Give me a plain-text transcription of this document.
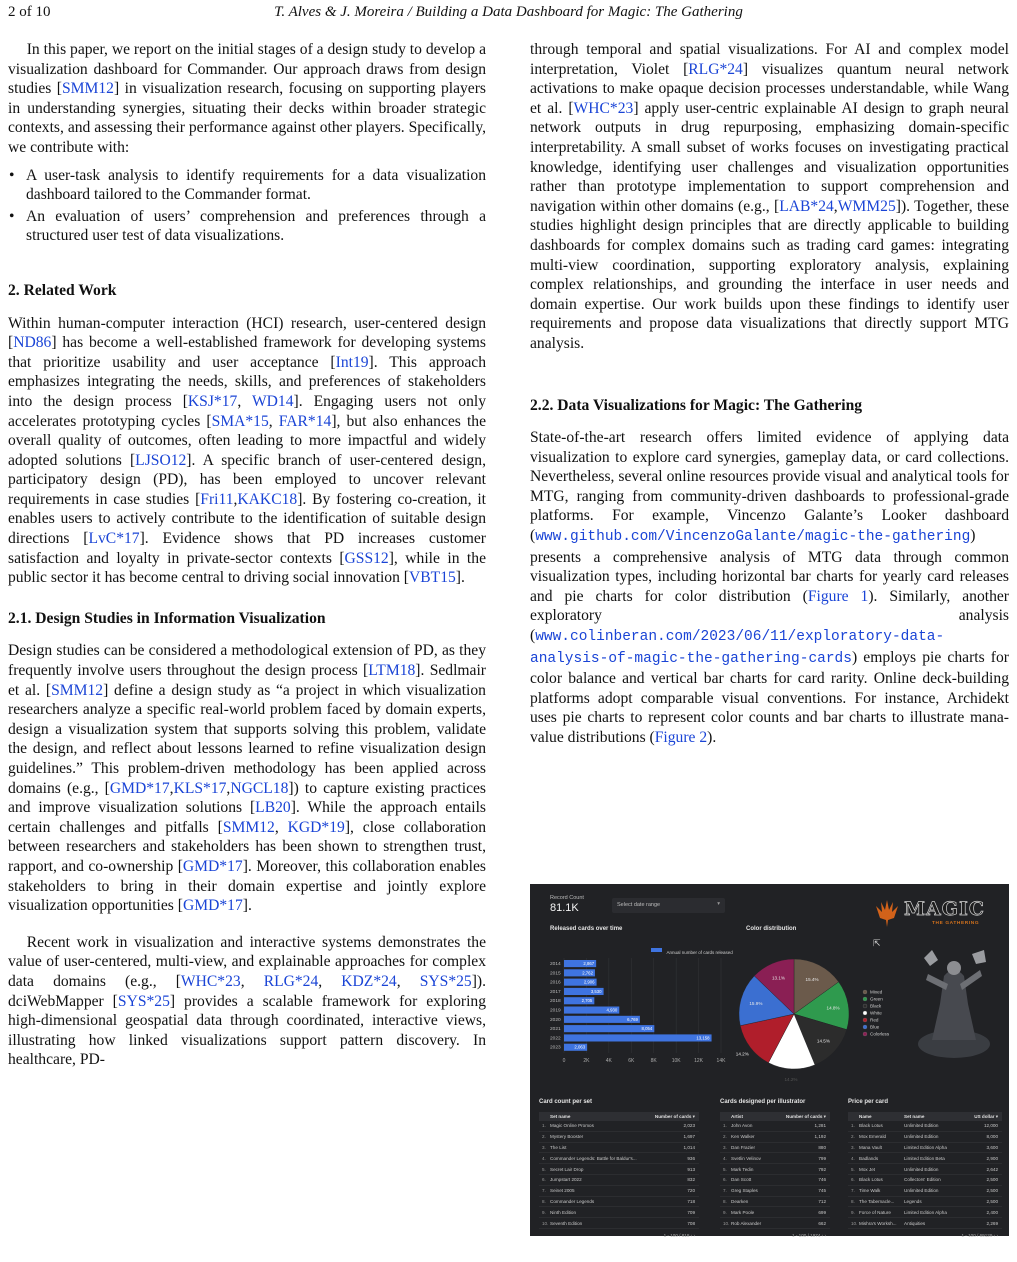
2 of 10	T. Alves & J. Moreira / Building a Data Dashboard for Magic: The Gathering

In this paper, we report on the initial stages of a design study to develop a visualization dashboard for Commander. Our approach draws from design studies [SMM12] in visualization research, focusing on supporting players in understanding synergies, situating their decks within broader strategic contexts, and assessing their performance against other players. Specifically, we contribute with:

• A user-task analysis to identify requirements for a data visualization dashboard tailored to the Commander format.
• An evaluation of users’ comprehension and preferences through a structured user test of data visualizations.
2. Related Work

Within human-computer interaction (HCI) research, user-centered design [ND86] has become a well-established framework for developing systems that prioritize usability and user acceptance [Int19]. This approach emphasizes integrating the needs, skills, and preferences of stakeholders into the design process [KSJ*17, WD14]. Engaging users not only accelerates prototyping cycles [SMA*15, FAR*14], but also enhances the overall quality of outcomes, often leading to more impactful and widely adopted solutions [LJSO12]. A specific branch of user-centered design, participatory design (PD), has been employed to uncover relevant requirements in case studies [Fri11,KAKC18]. By fostering co-creation, it enables users to actively contribute to the identification of suitable design directions [LvC*17]. Evidence shows that PD increases customer satisfaction and loyalty in private-sector contexts [GSS12], while in the public sector it has become central to driving social innovation [VBT15].

2.1. Design Studies in Information Visualization

Design studies can be considered a methodological extension of PD, as they frequently involve users throughout the design process [LTM18]. Sedlmair et al. [SMM12] define a design study as “a project in which visualization researchers analyze a specific real-world problem faced by domain experts, design a visualization system that supports solving this problem, validate the design, and reflect about lessons learned to refine visualization design guidelines.” This problem-driven methodology has been applied across domains (e.g., [GMD*17,KLS*17,NGCL18]) to capture existing practices and improve visualization solutions [LB20]. While the approach entails certain challenges and pitfalls [SMM12, KGD*19], close collaboration between researchers and stakeholders has been shown to strengthen trust, rapport, and co-ownership [GMD*17]. Moreover, this collaboration enables stakeholders to bring in their domain expertise and jointly explore visualization opportunities [GMD*17].

Recent work in visualization and interactive systems demonstrates the value of user-centered, multi-view, and explainable approaches for complex data domains (e.g., [WHC*23, RLG*24, KDZ*24, SYS*25]). dciWebMapper [SYS*25] provides a scalable framework for exploring high-dimensional geospatial data through coordinated, interactive views, illustrating how linked visualizations support pattern discovery. In healthcare, PD-

through temporal and spatial visualizations. For AI and complex model interpretation, Violet [RLG*24] visualizes quantum neural network activations to make opaque decision processes understandable, while Wang et al. [WHC*23] apply user-centric explainable AI design to graph neural network outputs in drug repurposing, emphasizing domain-specific interpretability. A small subset of works focuses on investigating practical knowledge, identifying user challenges and visualization opportunities rather than prototype implementation to support comprehension and navigation within other domains (e.g., [LAB*24,WMM25]). Together, these studies highlight design principles that are directly applicable to building dashboards for complex domains such as trading card games: integrating multi-view coordination, supporting exploratory analysis, explaining complex relationships, and grounding the interface in user needs and domain expertise. Our work builds upon these findings to identify user requirements and propose data visualizations that directly support MTG analysis.

2.2. Data Visualizations for Magic: The Gathering

State-of-the-art research offers limited evidence of applying data visualization to explore card synergies, gameplay data, or card collections. Nevertheless, several online resources provide visual and analytical tools for MTG, ranging from community-driven dashboards to professional-grade platforms. For example, Vincenzo Galante’s Looker dashboard (www.github.com/VincenzoGalante/magic-the-gathering) presents a comprehensive analysis of MTG data through common visualization types, including horizontal bar charts for yearly card releases and pie charts for color distribution (Figure 1). Similarly, another exploratory analysis (www.colinberan.com/2023/06/11/exploratory-data-analysis-of-magic-the-gathering-cards) employs pie charts for color balance and vertical bar charts for card rarity. Online deck-building platforms adopt comparable visual conventions. For instance, Archidekt uses pie charts to represent color counts and bar charts to illustrate mana-value distributions (Figure 2).

Record Count
81.1K	Select date range	▾	MAGIC
THE GATHERING
⇱
Released cards over time
Annual number of cards released
0	2K	4K	6K	8K	10K	12K	14K
2014	2,867
2015	2,762
2016	2,906
2017	3,530
2018	2,705
2019	4,930
2020	6,769
2021	8,054
2022	13,158
2023	2,063
Color distribution
15.4%
14.8%
14.5%
14.2%
14.2%
15.9%
13.1%
Mixed
Green
Black
White
Red
Blue
Colorless
Card count per set
Set name	Number of cards ▾
1. Magic Online Promos	2,023
2. Mystery Booster	1,697
3. The List	1,014
4. Commander Legends: Battle for Baldur's...	936
5. Secret Lair Drop	913
6. Jumpstart 2022	832
7. Seinet 2005	720
8. Commander Legends	718
9. Ninth Edition	709
10. Seventh Edition	708
1 - 100 / 818 ‹ ›
Cards designed per illustrator
Artist	Number of cards ▾
1. John Avon	1,281
2. Ken Walker	1,192
3. Dan Frazier	880
4. Svetlin Velinov	799
5. Mark Tedin	792
6. Dan Scott	746
7. Greg Staples	745
8. Dearken	712
9. Mark Poole	699
10. Rob Alexander	662
1 - 100 / 1974 ‹ ›
Price per card
Name	Set name	US dollar ▾
1. Black Lotus	Unlimited Edition	12,000
2. Mox Emerald	Unlimited Edition	8,000
3. Mana Vault	Limited Edition Alpha	3,600
4. Badlands	Limited Edition Beta	2,900
5. Mox Jet	Unlimited Edition	2,642
6. Black Lotus	Collectors' Edition	2,500
7. Time Walk	Unlimited Edition	2,500
8. The Tabernacle...	Legends	2,500
9. Force of Nature	Limited Edition Alpha	2,400
10. Mishra's Worksh...	Antiquities	2,269
1 - 100 / 69129 ‹ ›
